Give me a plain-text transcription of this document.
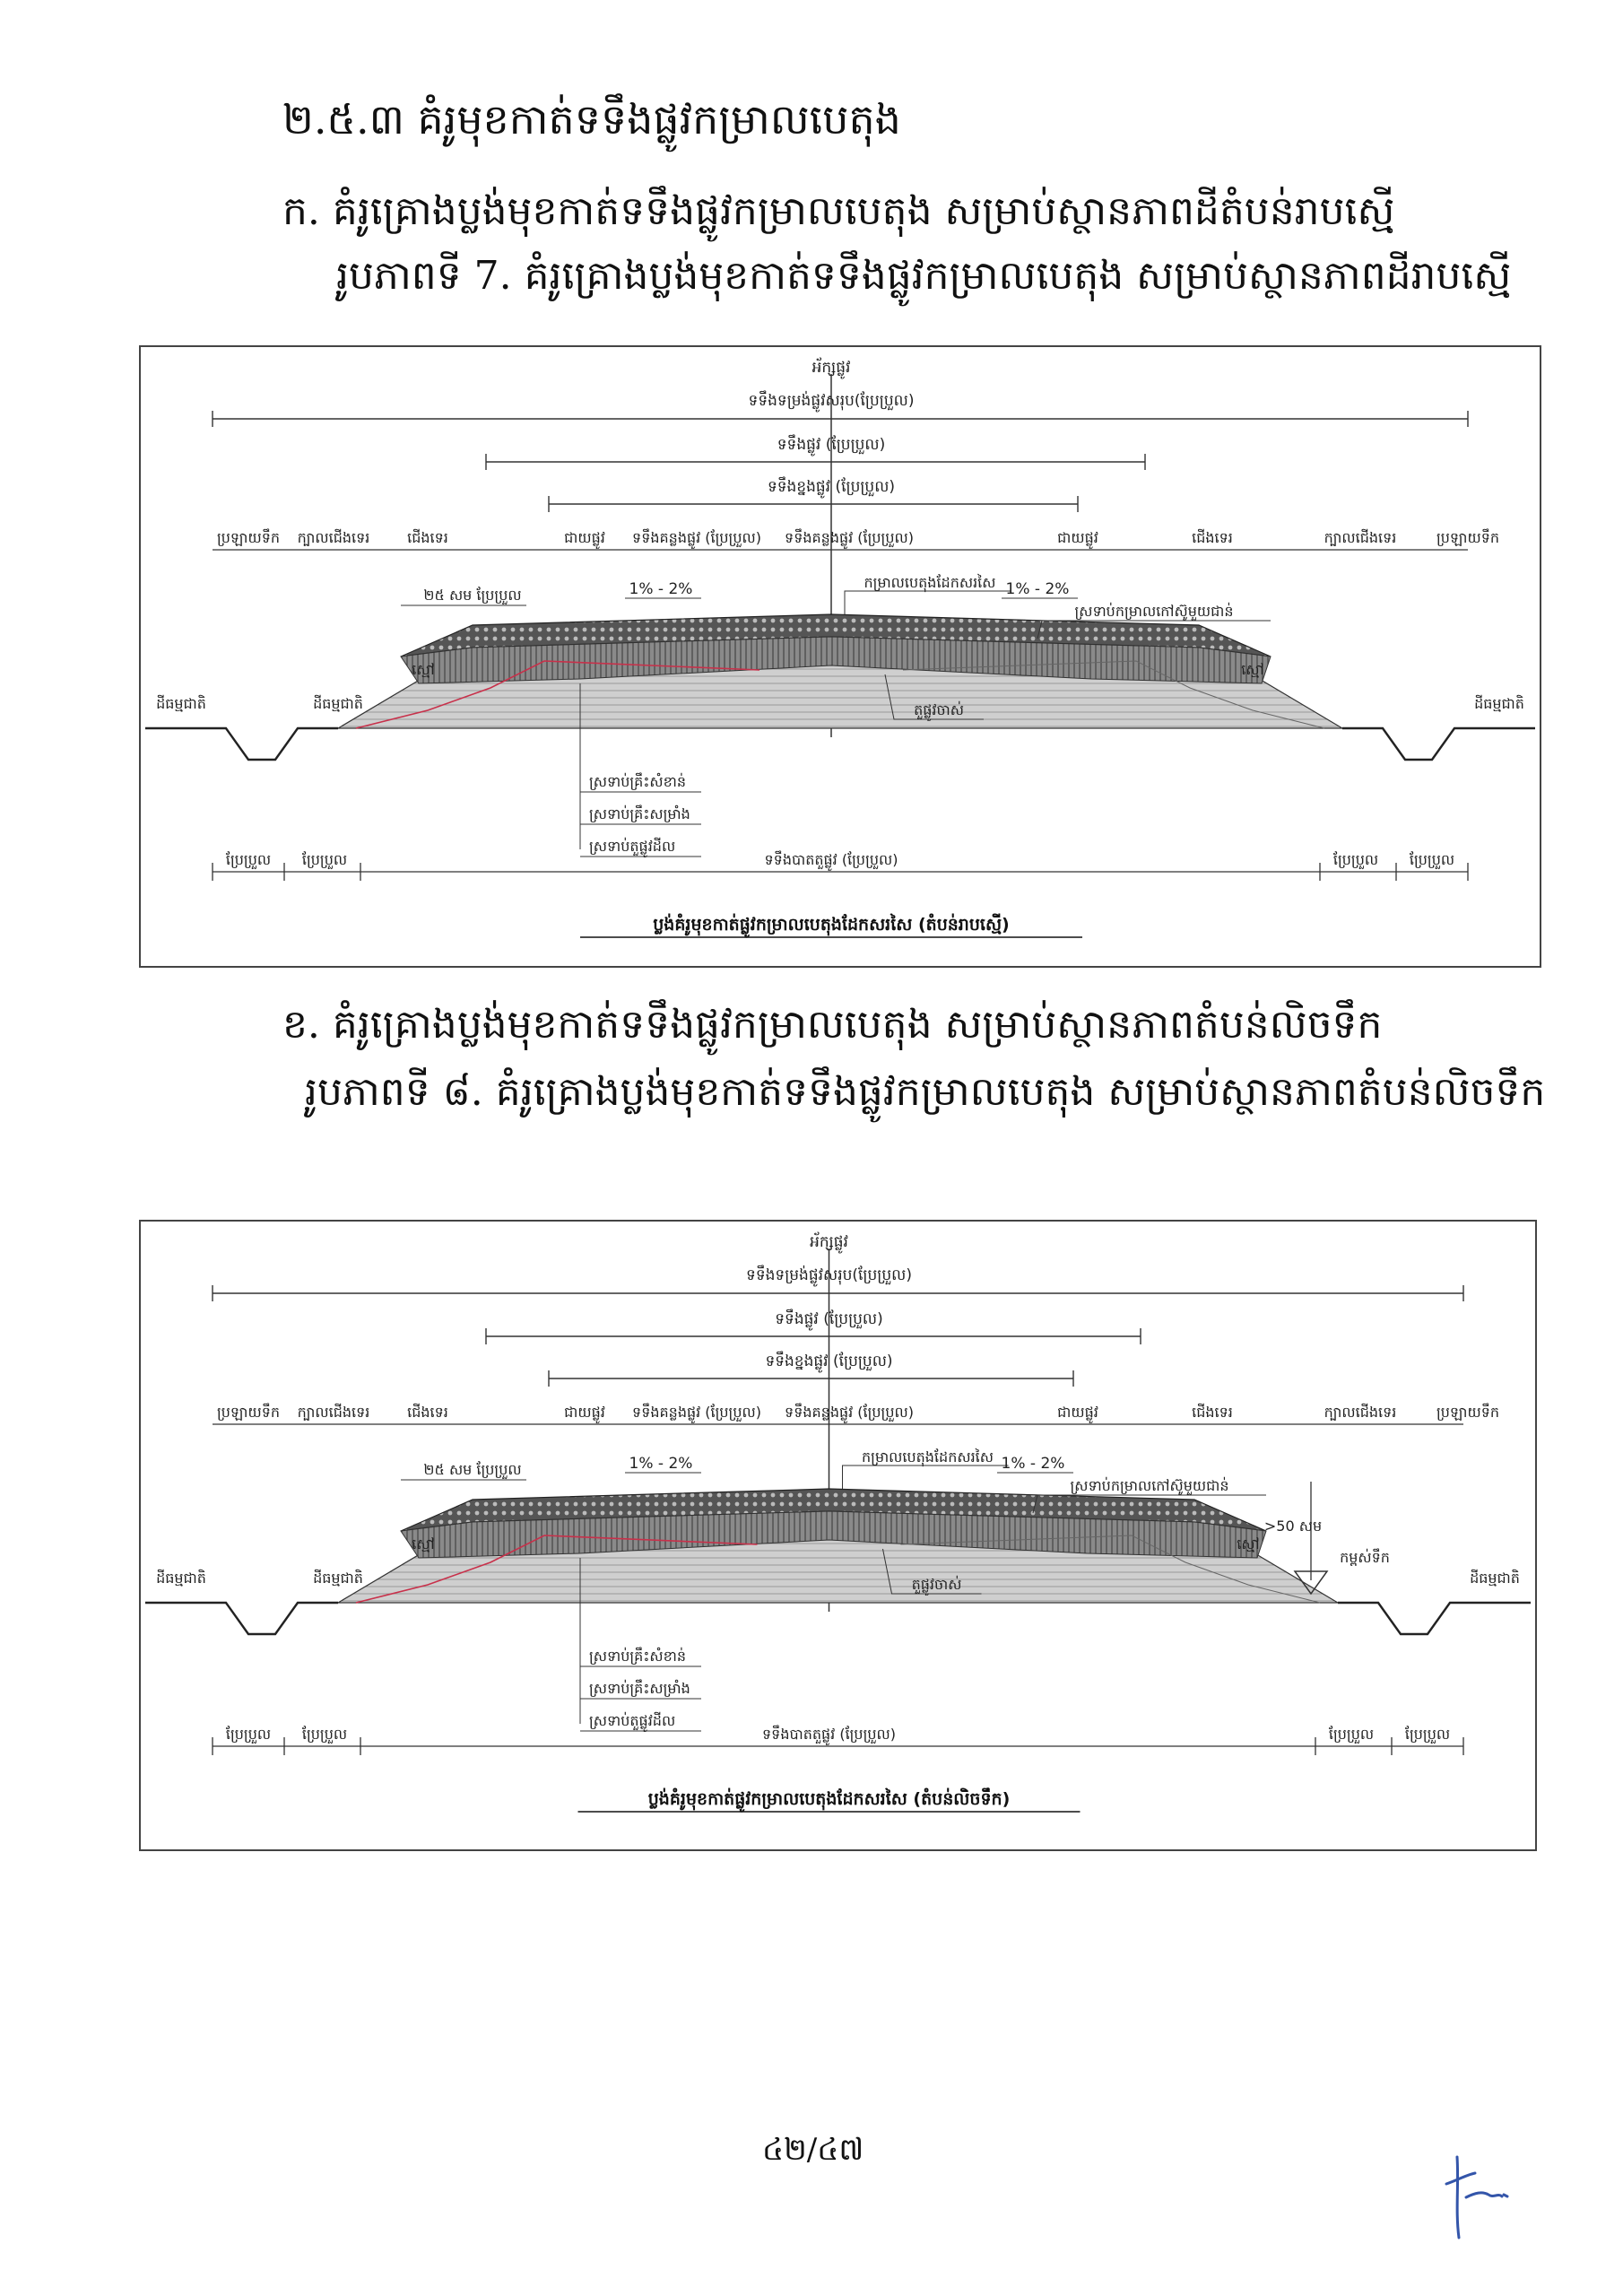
២.៥.៣ គំរូមុខកាត់ទទឹងផ្លូវកម្រាលបេតុង
ក. គំរូគ្រោងប្លង់មុខកាត់ទទឹងផ្លូវកម្រាលបេតុង សម្រាប់ស្ថានភាពដីតំបន់រាបស្មើ
រូបភាពទី 7. គំរូគ្រោងប្លង់មុខកាត់ទទឹងផ្លូវកម្រាលបេតុង សម្រាប់ស្ថានភាពដីរាបស្មើ
អ័ក្សផ្លូវ
ទទឹងទម្រង់ផ្លូវសរុប(ប្រែប្រួល)
ទទឹងផ្លូវ (ប្រែប្រួល)
ទទឹងខ្នងផ្លូវ (ប្រែប្រួល)
ប្រឡាយទឹក ក្បាលជើងទេរ	ជើងទេរ	ជាយផ្លូវ ទទឹងគន្លងផ្លូវ (ប្រែប្រួល) ទទឹងគន្លងផ្លូវ (ប្រែប្រួល)	ជាយផ្លូវ	ជើងទេរ	ក្បាលជើងទេរ	ប្រឡាយទឹក
ដីធម្មជាតិ	ដីធម្មជាតិ	ដីធម្មជាតិ
ស្មៅ	ស្មៅ
1% - 2%	1% - 2%
២៥ សម ប្រែប្រួល
កម្រាលបេតុងដែកសរសៃ
ស្រទាប់កម្រាលកៅស៊ូមួយជាន់
តួផ្លូវចាស់
ស្រទាប់គ្រឹះសំខាន់
ស្រទាប់គ្រឹះសម្រាំង
ស្រទាប់តួផ្លូវដីល
ប្រែប្រួល ប្រែប្រួល	ទទឹងបាតតួផ្លូវ (ប្រែប្រួល)	ប្រែប្រួល ប្រែប្រួល
ប្លង់គំរូមុខកាត់ផ្លូវកម្រាលបេតុងដែកសរសៃ (តំបន់រាបស្មើ)
ខ. គំរូគ្រោងប្លង់មុខកាត់ទទឹងផ្លូវកម្រាលបេតុង សម្រាប់ស្ថានភាពតំបន់លិចទឹក
រូបភាពទី ៨. គំរូគ្រោងប្លង់មុខកាត់ទទឹងផ្លូវកម្រាលបេតុង សម្រាប់ស្ថានភាពតំបន់លិចទឹក
អ័ក្សផ្លូវ
ទទឹងទម្រង់ផ្លូវសរុប(ប្រែប្រួល)
ទទឹងផ្លូវ (ប្រែប្រួល)
ទទឹងខ្នងផ្លូវ (ប្រែប្រួល)
ប្រឡាយទឹក ក្បាលជើងទេរ	ជើងទេរ	ជាយផ្លូវ ទទឹងគន្លងផ្លូវ (ប្រែប្រួល) ទទឹងគន្លងផ្លូវ (ប្រែប្រួល)	ជាយផ្លូវ	ជើងទេរ	ក្បាលជើងទេរ	ប្រឡាយទឹក
ដីធម្មជាតិ	ដីធម្មជាតិ	ដីធម្មជាតិ
ស្មៅ	ស្មៅ
1% - 2%	1% - 2%
២៥ សម ប្រែប្រួល
កម្រាលបេតុងដែកសរសៃ
ស្រទាប់កម្រាលកៅស៊ូមួយជាន់
តួផ្លូវចាស់
ស្រទាប់គ្រឹះសំខាន់
ស្រទាប់គ្រឹះសម្រាំង
ស្រទាប់តួផ្លូវដីល
ប្រែប្រួល ប្រែប្រួល	ទទឹងបាតតួផ្លូវ (ប្រែប្រួល)	ប្រែប្រួល ប្រែប្រួល
>50 សម
កម្ពស់ទឹក
ប្លង់គំរូមុខកាត់ផ្លូវកម្រាលបេតុងដែកសរសៃ (តំបន់លិចទឹក)
៤២/៤៧
